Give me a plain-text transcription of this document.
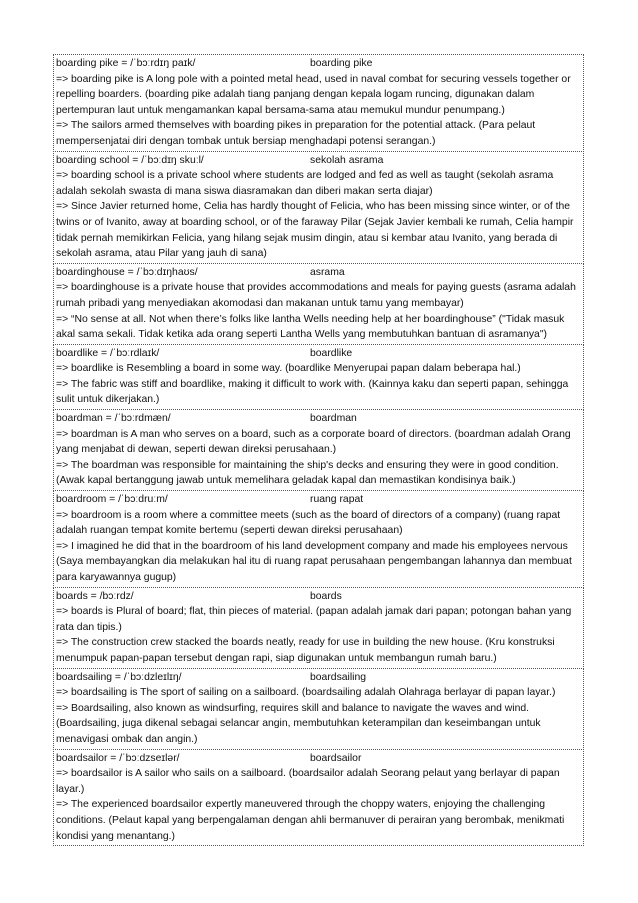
boarding pike = /ˈbɔːrdɪŋ paɪk/	boarding pike
=> boarding pike is A long pole with a pointed metal head, used in naval combat for securing vessels together or repelling boarders. (boarding pike adalah tiang panjang dengan kepala logam runcing, digunakan dalam pertempuran laut untuk mengamankan kapal bersama-sama atau memukul mundur penumpang.)
=> The sailors armed themselves with boarding pikes in preparation for the potential attack. (Para pelaut mempersenjatai diri dengan tombak untuk bersiap menghadapi potensi serangan.)
boarding school = /ˈbɔːdɪŋ skuːl/	sekolah asrama
=> boarding school is a private school where students are lodged and fed as well as taught (sekolah asrama adalah sekolah swasta di mana siswa diasramakan dan diberi makan serta diajar)
=> Since Javier returned home, Celia has hardly thought of Felicia, who has been missing since winter, or of the twins or of Ivanito, away at boarding school, or of the faraway Pilar (Sejak Javier kembali ke rumah, Celia hampir tidak pernah memikirkan Felicia, yang hilang sejak musim dingin, atau si kembar atau Ivanito, yang berada di sekolah asrama, atau Pilar yang jauh di sana)
boardinghouse = /ˈbɔːdɪŋhaʊs/	asrama
=> boardinghouse is a private house that provides accommodations and meals for paying guests (asrama adalah rumah pribadi yang menyediakan akomodasi dan makanan untuk tamu yang membayar)
=> “No sense at all. Not when there’s folks like lantha Wells needing help at her boardinghouse” ("Tidak masuk akal sama sekali. Tidak ketika ada orang seperti Lantha Wells yang membutuhkan bantuan di asramanya")
boardlike = /ˈbɔːrdlaɪk/	boardlike
=> boardlike is Resembling a board in some way. (boardlike Menyerupai papan dalam beberapa hal.)
=> The fabric was stiff and boardlike, making it difficult to work with. (Kainnya kaku dan seperti papan, sehingga sulit untuk dikerjakan.)
boardman = /ˈbɔːrdmæn/	boardman
=> boardman is A man who serves on a board, such as a corporate board of directors. (boardman adalah Orang yang menjabat di dewan, seperti dewan direksi perusahaan.)
=> The boardman was responsible for maintaining the ship's decks and ensuring they were in good condition. (Awak kapal bertanggung jawab untuk memelihara geladak kapal dan memastikan kondisinya baik.)
boardroom = /ˈbɔːdruːm/	ruang rapat
=> boardroom is a room where a committee meets (such as the board of directors of a company) (ruang rapat adalah ruangan tempat komite bertemu (seperti dewan direksi perusahaan)
=> I imagined he did that in the boardroom of his land development company and made his employees nervous (Saya membayangkan dia melakukan hal itu di ruang rapat perusahaan pengembangan lahannya dan membuat para karyawannya gugup)
boards = /bɔːrdz/	boards
=> boards is Plural of board; flat, thin pieces of material. (papan adalah jamak dari papan; potongan bahan yang rata dan tipis.)
=> The construction crew stacked the boards neatly, ready for use in building the new house. (Kru konstruksi menumpuk papan-papan tersebut dengan rapi, siap digunakan untuk membangun rumah baru.)
boardsailing = /ˈbɔːdzleɪlɪŋ/	boardsailing
=> boardsailing is The sport of sailing on a sailboard. (boardsailing adalah Olahraga berlayar di papan layar.)
=> Boardsailing, also known as windsurfing, requires skill and balance to navigate the waves and wind. (Boardsailing, juga dikenal sebagai selancar angin, membutuhkan keterampilan dan keseimbangan untuk menavigasi ombak dan angin.)
boardsailor = /ˈbɔːdzseɪlər/	boardsailor
=> boardsailor is A sailor who sails on a sailboard. (boardsailor adalah Seorang pelaut yang berlayar di papan layar.)
=> The experienced boardsailor expertly maneuvered through the choppy waters, enjoying the challenging conditions. (Pelaut kapal yang berpengalaman dengan ahli bermanuver di perairan yang berombak, menikmati kondisi yang menantang.)
